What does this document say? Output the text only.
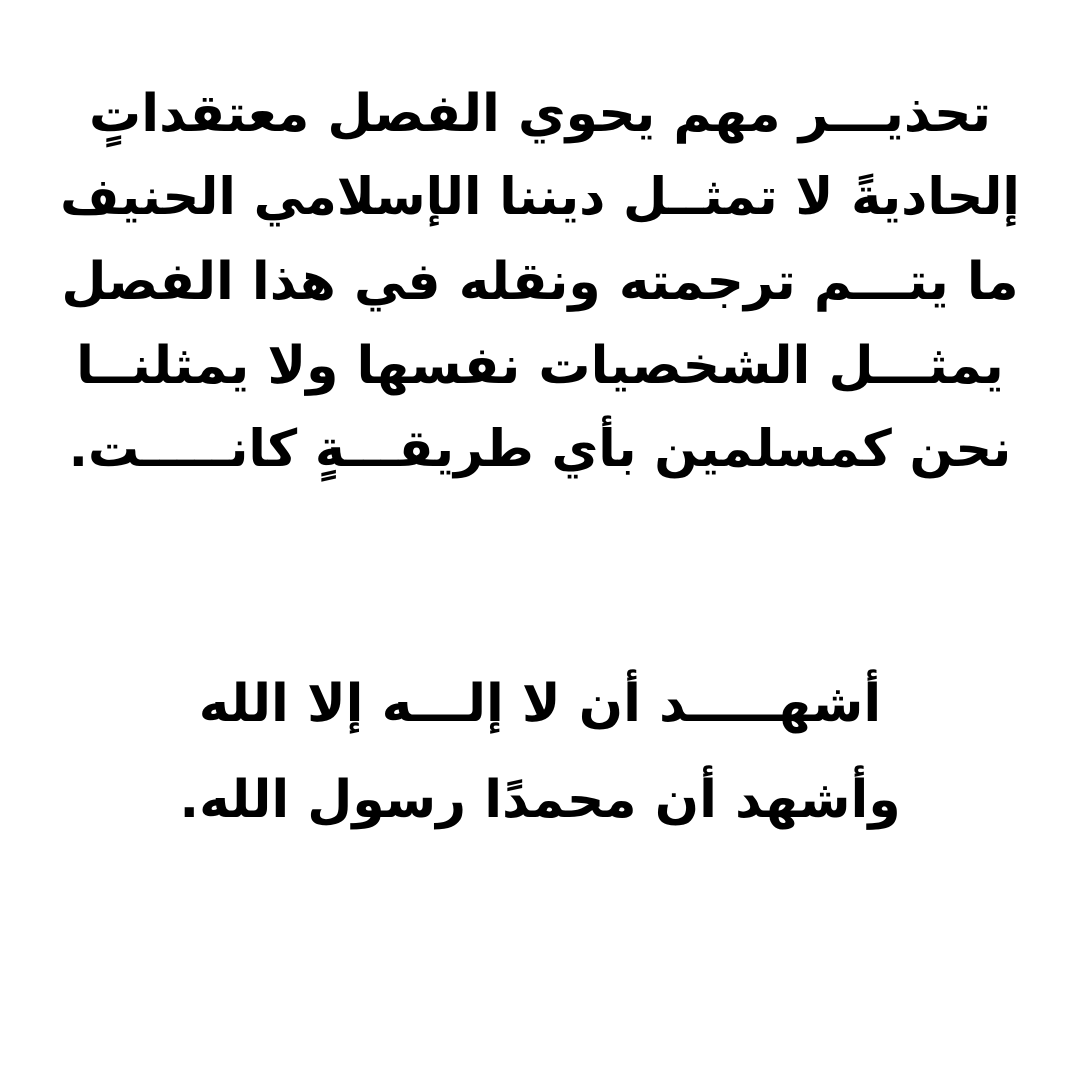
تحذيـــر مهم يحوي الفصل معتقداتٍ
إلحاديةً لا تمثــل ديننا الإسلامي الحنيف
ما يتـــم ترجمته ونقله في هذا الفصل
يمثـــل الشخصيات نفسها ولا يمثلنــا
نحن كمسلمين بأي طريقـــةٍ كانـــــت.
أشهـــــد أن لا إلـــه إلا الله
وأشهد أن محمدًا رسول الله.
